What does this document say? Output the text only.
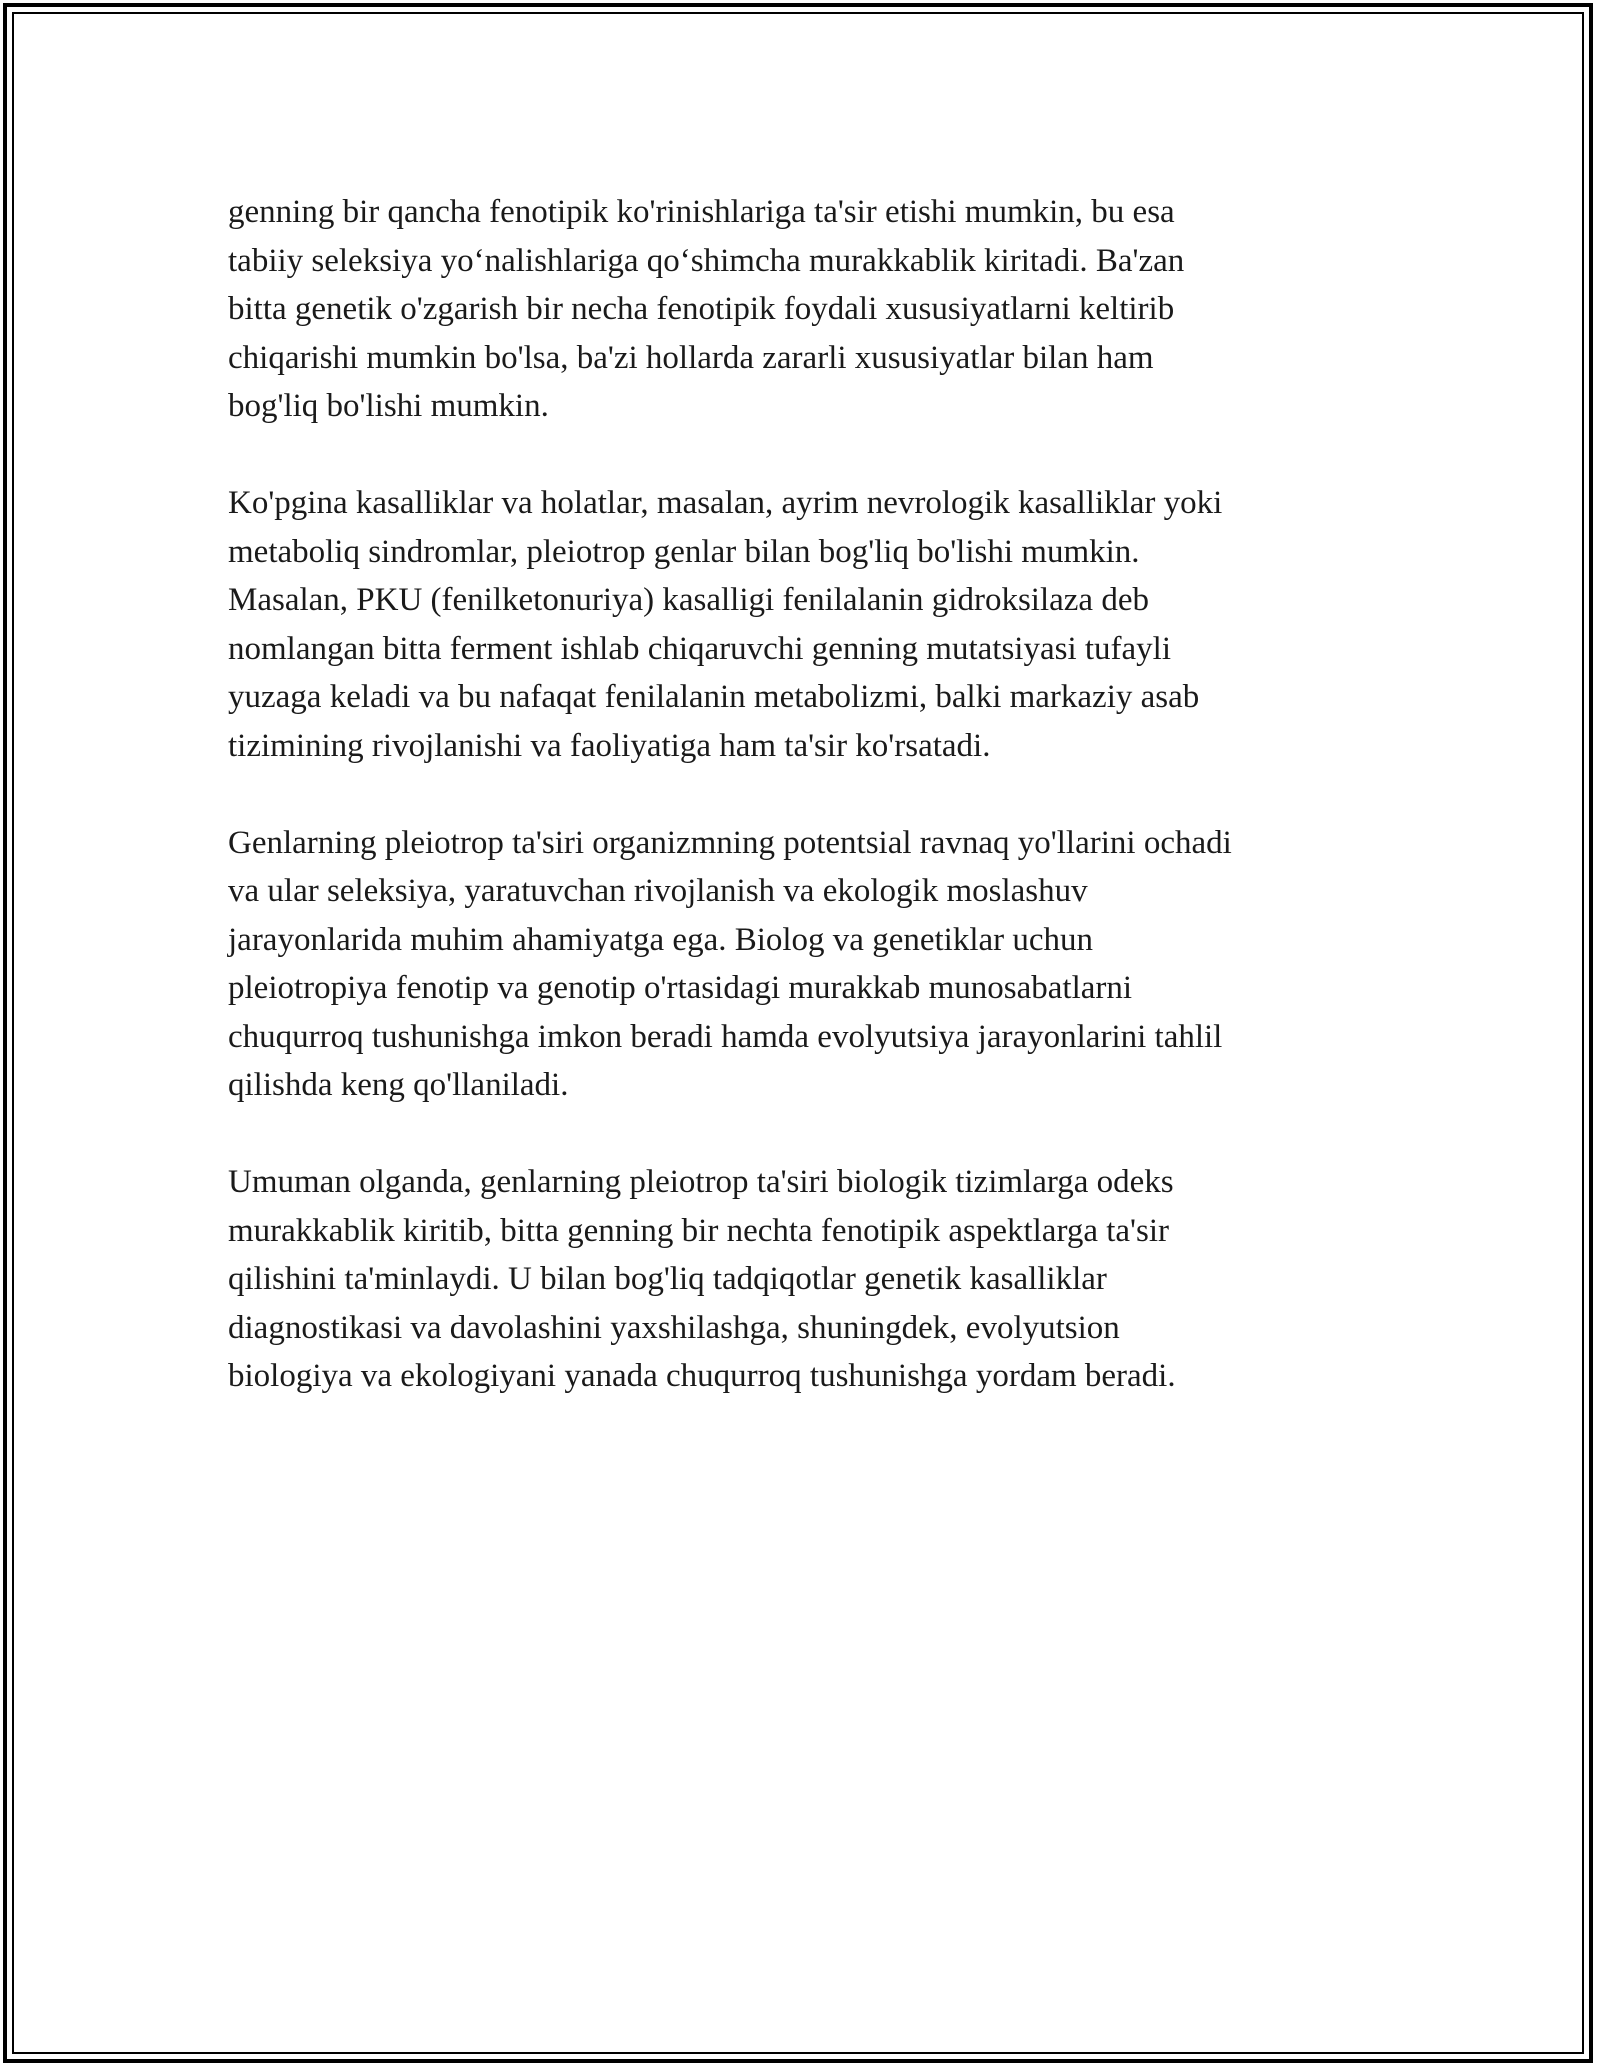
genning bir qancha fenotipik ko'rinishlariga ta'sir etishi mumkin, bu esa
tabiiy seleksiya yo‘nalishlariga qo‘shimcha murakkablik kiritadi. Ba'zan
bitta genetik o'zgarish bir necha fenotipik foydali xususiyatlarni keltirib
chiqarishi mumkin bo'lsa, ba'zi hollarda zararli xususiyatlar bilan ham
bog'liq bo'lishi mumkin.

Ko'pgina kasalliklar va holatlar, masalan, ayrim nevrologik kasalliklar yoki
metaboliq sindromlar, pleiotrop genlar bilan bog'liq bo'lishi mumkin.
Masalan, PKU (fenilketonuriya) kasalligi fenilalanin gidroksilaza deb
nomlangan bitta ferment ishlab chiqaruvchi genning mutatsiyasi tufayli
yuzaga keladi va bu nafaqat fenilalanin metabolizmi, balki markaziy asab
tizimining rivojlanishi va faoliyatiga ham ta'sir ko'rsatadi.

Genlarning pleiotrop ta'siri organizmning potentsial ravnaq yo'llarini ochadi
va ular seleksiya, yaratuvchan rivojlanish va ekologik moslashuv
jarayonlarida muhim ahamiyatga ega. Biolog va genetiklar uchun
pleiotropiya fenotip va genotip o'rtasidagi murakkab munosabatlarni
chuqurroq tushunishga imkon beradi hamda evolyutsiya jarayonlarini tahlil
qilishda keng qo'llaniladi.

Umuman olganda, genlarning pleiotrop ta'siri biologik tizimlarga odeks
murakkablik kiritib, bitta genning bir nechta fenotipik aspektlarga ta'sir
qilishini ta'minlaydi. U bilan bog'liq tadqiqotlar genetik kasalliklar
diagnostikasi va davolashini yaxshilashga, shuningdek, evolyutsion
biologiya va ekologiyani yanada chuqurroq tushunishga yordam beradi.
